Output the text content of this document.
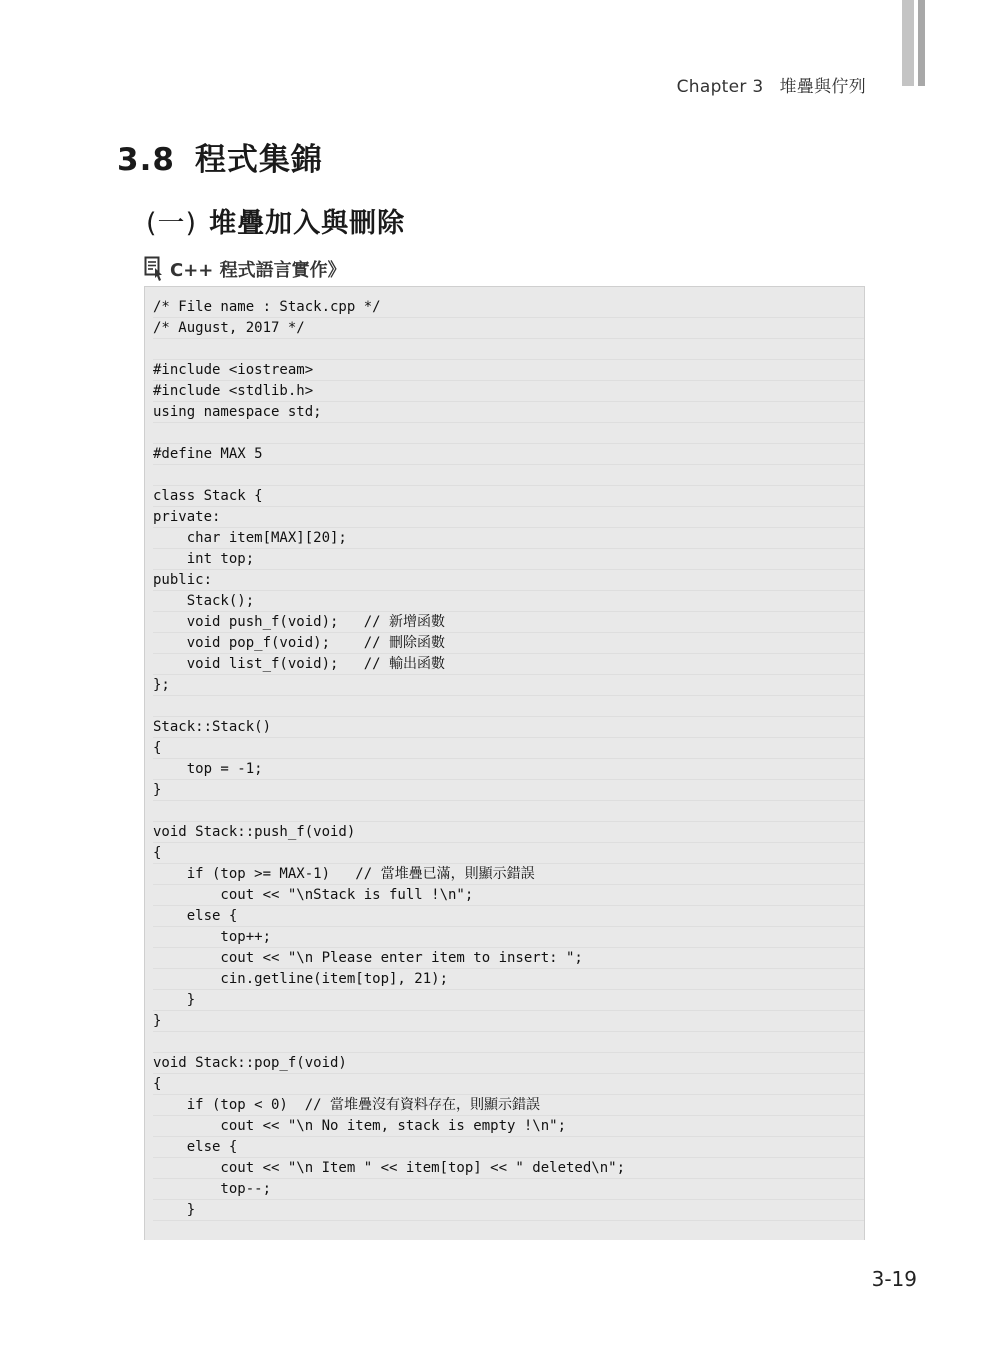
Chapter 3 堆疊與佇列
3.8 程式集錦
(一) 堆疊加入與刪除
C++ 程式語言實作》
/* File name : Stack.cpp */
/* August, 2017 */

#include <iostream>
#include <stdlib.h>
using namespace std;

#define MAX 5

class Stack {
private:
char item[MAX][20];
int top;
public:
Stack();
void push_f(void);   // 新增函數
void pop_f(void);    // 刪除函數
void list_f(void);   // 輸出函數
};

Stack::Stack()
{
top = -1;
}

void Stack::push_f(void)
{
if (top >= MAX-1)   // 當堆疊已滿，則顯示錯誤
cout << "\nStack is full !\n";
else {
top++;
cout << "\n Please enter item to insert: ";
cin.getline(item[top], 21);
}
}

void Stack::pop_f(void)
{
if (top < 0)  // 當堆疊沒有資料存在，則顯示錯誤
cout << "\n No item, stack is empty !\n";
else {
cout << "\n Item " << item[top] << " deleted\n";
top--;
}
3-19
